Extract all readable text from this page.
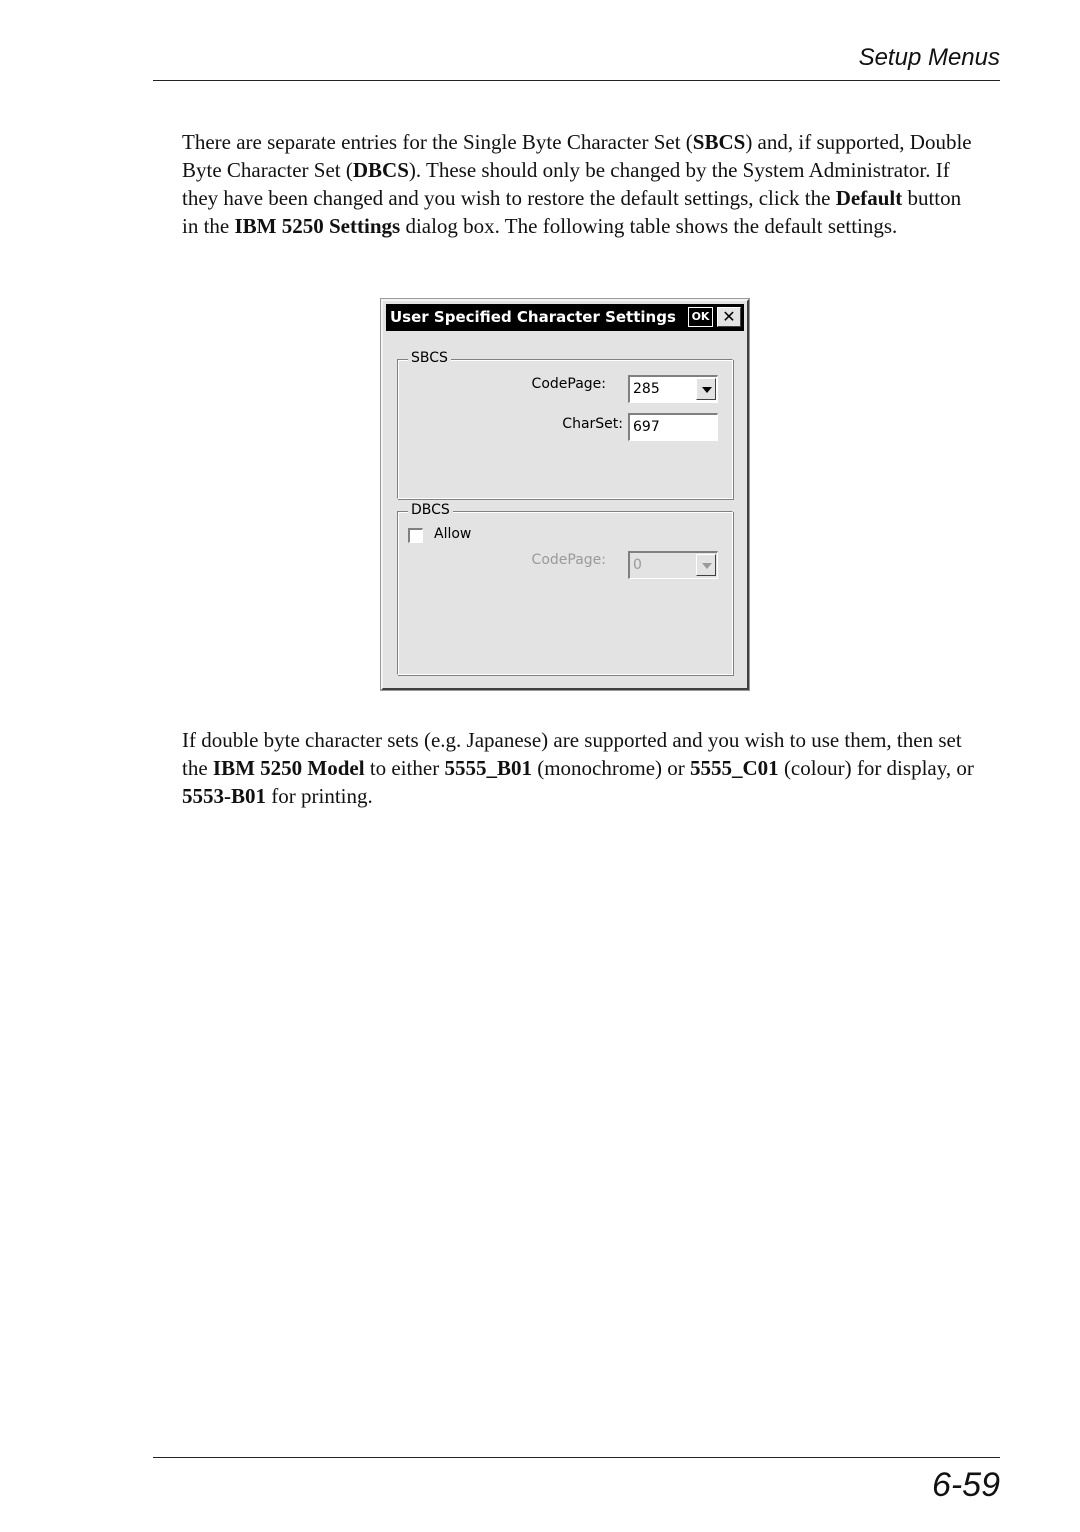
Setup Menus

There are separate entries for the Single Byte Character Set (SBCS) and, if supported, Double Byte Character Set (DBCS). These should only be changed by the System Administrator. If they have been changed and you wish to restore the default settings, click the Default button in the IBM 5250 Settings dialog box. The following table shows the default settings.

User Specified Character Settings	OK ✕
SBCS
CodePage:	285
CharSet: 697
DBCS
Allow
CodePage:	0

If double byte character sets (e.g. Japanese) are supported and you wish to use them, then set the IBM 5250 Model to either 5555_B01 (monochrome) or 5555_C01 (colour) for display, or 5553-B01 for printing.

6-59
